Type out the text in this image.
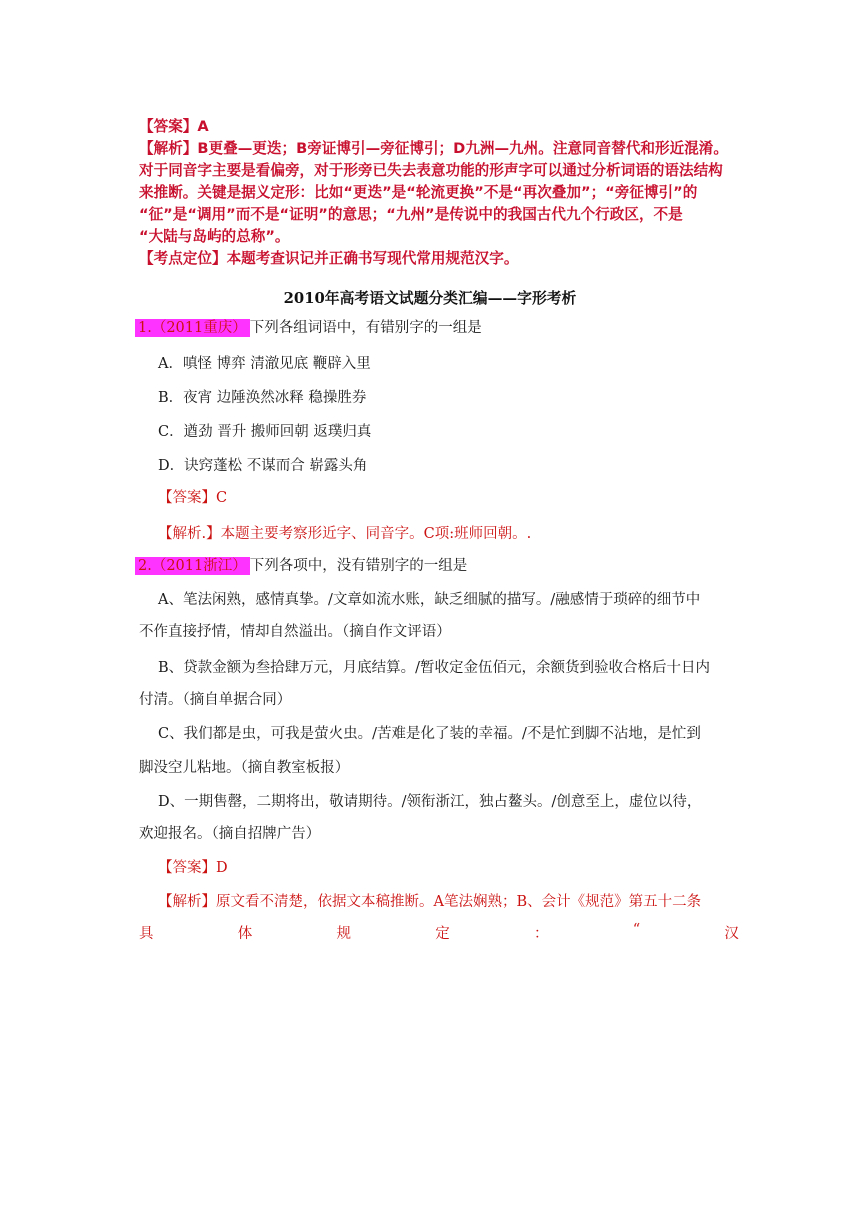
【答案】A

【解析】B更叠—更迭；B旁证博引—旁征博引；D九洲—九州。注意同音替代和形近混淆。

对于同音字主要是看偏旁，对于形旁已失去表意功能的形声字可以通过分析词语的语法结构

来推断。关键是据义定形：比如“更迭”是“轮流更换”不是“再次叠加”；“旁征博引”的

“征”是“调用”而不是“证明”的意思；“九州”是传说中的我国古代九个行政区，不是

“大陆与岛屿的总称”。

【考点定位】本题考查识记并正确书写现代常用规范汉字。

2010年高考语文试题分类汇编——字形考析
1.（2011重庆） 下列各组词语中，有错别字的一组是
A．嗔怪 博弈 清澈见底 鞭辟入里
B．夜宵 边陲涣然冰释 稳操胜券
C．遒劲 晋升 搬师回朝 返璞归真
D．诀窍蓬松 不谋而合 崭露头角
【答案】C
【解析.】本题主要考察形近字、同音字。C项:班师回朝。.
2.（2011浙江） 下列各项中，没有错别字的一组是
A、笔法闲熟，感情真挚。/文章如流水账，缺乏细腻的描写。/融感情于琐碎的细节中
不作直接抒情，情却自然溢出。（摘自作文评语）
B、贷款金额为叁拾肆万元，月底结算。/暂收定金伍佰元，余额货到验收合格后十日内
付清。（摘自单据合同）
C、我们都是虫，可我是萤火虫。/苦难是化了装的幸福。/不是忙到脚不沾地，是忙到
脚没空儿粘地。（摘自教室板报）
D、一期售罄，二期将出，敬请期待。/领衔浙江，独占鳌头。/创意至上，虚位以待，
欢迎报名。（摘自招牌广告）
【答案】D
【解析】原文看不清楚，依据文本稿推断。A笔法娴熟；B、会计《规范》第五十二条
具	体	规	定	：	“	汉
